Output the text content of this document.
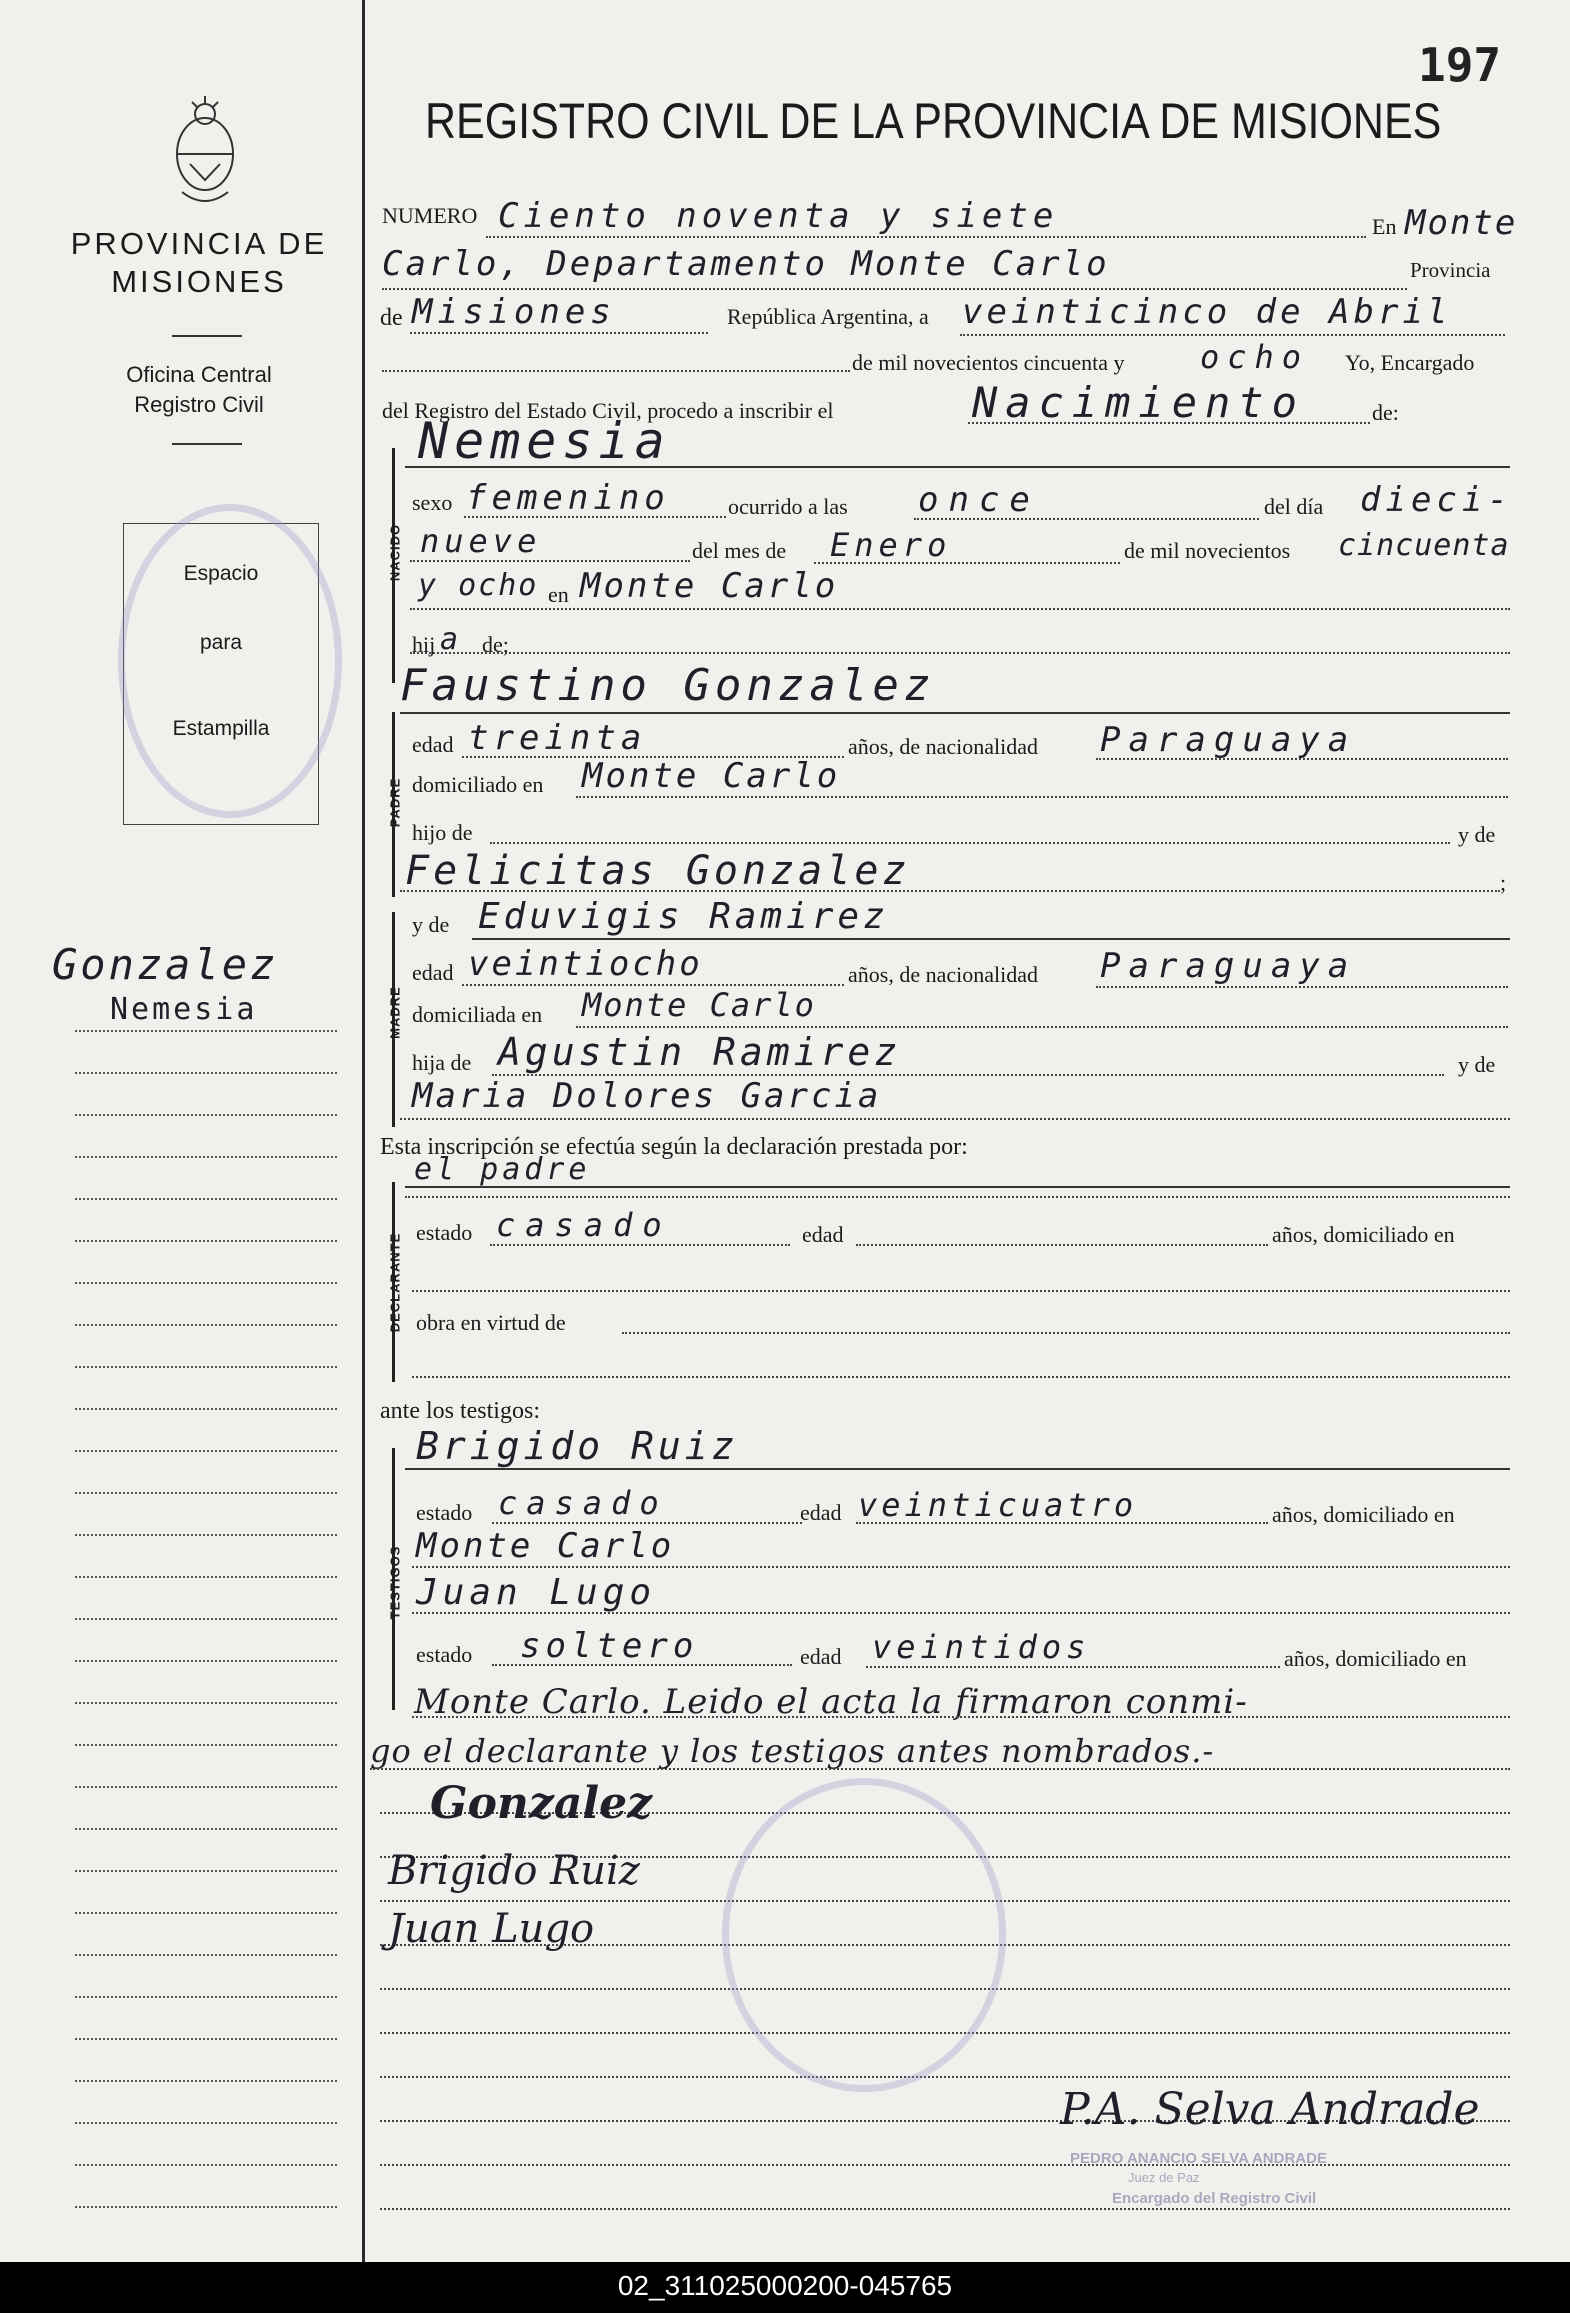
PROVINCIA DE
MISIONES
Oficina Central
Registro Civil
Espacio
para
Estampilla
Gonzalez
Nemesia
197
REGISTRO CIVIL DE LA PROVINCIA DE MISIONES
NUMERO Ciento noventa y siete	En Monte
Carlo, Departamento Monte Carlo	Provincia
de Misiones	República Argentina, a veinticinco de Abril
de mil novecientos cincuenta y ocho Yo, Encargado
del Registro del Estado Civil, procedo a inscribir el	Nacimiento	de:
NACIDO
Nemesia
sexo femenino	ocurrido a las once	del día dieci-
nueve	del mes de Enero	de mil novecientos cincuenta
y ocho en Monte Carlo
hij a de;
PADRE
Faustino Gonzalez
edad treinta	años, de nacionalidad Paraguaya
domiciliado en Monte Carlo
hijo de	y de
Felicitas Gonzalez	;
MADRE
y de Eduvigis Ramirez
edad veintiocho	años, de nacionalidad Paraguaya
domiciliada en Monte Carlo
hija de Agustin Ramirez	y de
Maria Dolores Garcia
Esta inscripción se efectúa según la declaración prestada por:
DECLARANTE
el padre
estado casado	edad	años, domiciliado en
obra en virtud de
ante los testigos:
TESTIGOS
Brigido Ruiz
estado casado	edad veinticuatro	años, domiciliado en
Monte Carlo
Juan Lugo
estado soltero	edad veintidos	años, domiciliado en
Monte Carlo. Leido el acta la firmaron conmi-
go el declarante y los testigos antes nombrados.-
Gonzalez
Brigido Ruiz
Juan Lugo
P.A. Selva Andrade
PEDRO ANANCIO SELVA ANDRADE
Juez de Paz
Encargado del Registro Civil
02_311025000200-045765
